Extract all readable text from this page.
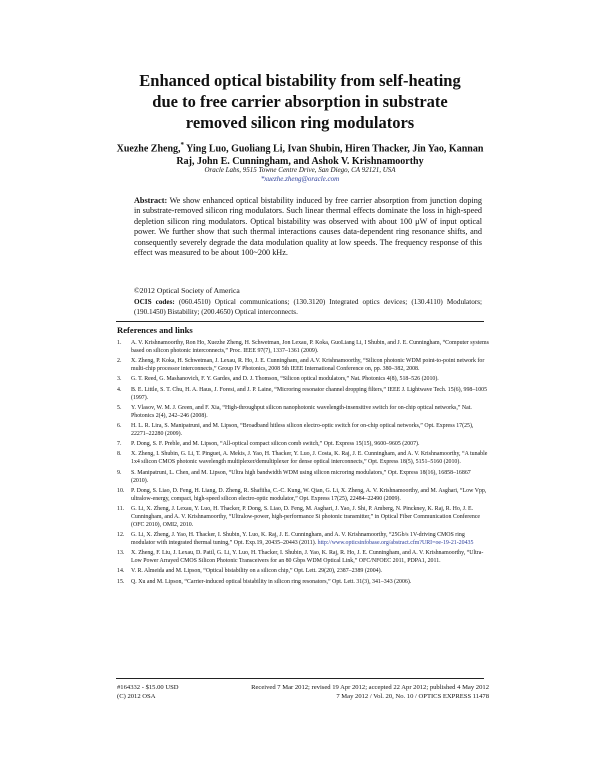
Enhanced optical bistability from self-heating
due to free carrier absorption in substrate
removed silicon ring modulators
Xuezhe Zheng,* Ying Luo, Guoliang Li, Ivan Shubin, Hiren Thacker, Jin Yao, Kannan
Raj, John E. Cunningham, and Ashok V. Krishnamoorthy
Oracle Labs, 9515 Towne Centre Drive, San Diego, CA 92121, USA
*xuezhe.zheng@oracle.com
Abstract: We show enhanced optical bistability induced by free carrier absorption from junction doping in substrate-removed silicon ring modulators. Such linear thermal effects dominate the loss in high-speed depletion silicon ring modulators. Optical bistability was observed with about 100 μW of input optical power. We further show that such thermal interactions causes data-dependent ring resonance shifts, and consequently severely degrade the data modulation quality at low speeds. The frequency response of this effect was measured to be about 100~200 kHz.
©2012 Optical Society of America
OCIS codes: (060.4510) Optical communications; (130.3120) Integrated optics devices; (130.4110) Modulators; (190.1450) Bistability; (200.4650) Optical interconnects.
References and links
1. A. V. Krishnamoorthy, Ron Ho, Xuezhe Zheng, H. Schwetman, Jon Lexau, P. Koka, GuoLiang Li, I Shubin, and J. E. Cunningham, “Computer systems based on silicon photonic interconnects,” Proc. IEEE 97(7), 1337–1361 (2009).
2. X. Zheng, P. Koka, H. Schwetman, J. Lexau, R. Ho, J. E. Cunningham, and A.V. Krishnamoorthy, “Silicon photonic WDM point-to-point network for multi-chip processor interconnects,” Group IV Photonics, 2008 5th IEEE International Conference on, pp. 380–382, 2008.
3. G. T. Reed, G. Mashanovich, F. Y. Gardes, and D. J. Thomson, “Silicon optical modulators,” Nat. Photonics 4(8), 518–526 (2010).
4. B. E. Little, S. T. Chu, H. A. Haus, J. Foresi, and J. P. Laine, “Microring resonator channel dropping filters,” IEEE J. Lightwave Tech. 15(6), 998–1005 (1997).
5. Y. Vlasov, W. M. J. Green, and F. Xia, “High-throughput silicon nanophotonic wavelength-insensitive switch for on-chip optical networks,” Nat. Photonics 2(4), 242–246 (2008).
6. H. L. R. Lira, S. Manipatruni, and M. Lipson, “Broadband hitless silicon electro-optic switch for on-chip optical networks,” Opt. Express 17(25), 22271–22280 (2009).
7. P. Dong, S. F. Preble, and M. Lipson, “All-optical compact silicon comb switch,” Opt. Express 15(15), 9600–9605 (2007).
8. X. Zheng, I. Shubin, G. Li, T. Pinguet, A. Mekis, J. Yao, H. Thacker, Y. Luo, J. Costa, K. Raj, J. E. Cunningham, and A. V. Krishnamoorthy, “A tunable 1x4 silicon CMOS photonic wavelength multiplexer/demultiplexer for dense optical interconnects,” Opt. Express 18(5), 5151–5160 (2010).
9. S. Manipatruni, L. Chen, and M. Lipson, “Ultra high bandwidth WDM using silicon microring modulators,” Opt. Express 18(16), 16858–16867 (2010).
10. P. Dong, S. Liao, D. Feng, H. Liang, D. Zheng, R. Shafiiha, C.-C. Kung, W. Qian, G. Li, X. Zheng, A. V. Krishnamoorthy, and M. Asghari, “Low Vpp, ultralow-energy, compact, high-speed silicon electro-optic modulator,” Opt. Express 17(25), 22484–22490 (2009).
11. G. Li, X. Zheng, J. Lexau, Y. Luo, H. Thacker, P. Dong, S. Liao, D. Feng, M. Asghari, J. Yao, J. Shi, P. Amberg, N. Pinckney, K. Raj, R. Ho, J. E. Cunningham, and A. V. Krishnamoorthy, “Ultralow-power, high-performance Si photonic transmitter,” in Optical Fiber Communication Conference (OFC 2010), OMI2, 2010.
12. G. Li, X. Zheng, J. Yao, H. Thacker, I. Shubin, Y. Luo, K. Raj, J. E. Cunningham, and A. V. Krishnamoorthy, “25Gb/s 1V-driving CMOS ring modulator with integrated thermal tuning,” Opt. Exp.19, 20435–20443 (2011). http://www.opticsinfobase.org/abstract.cfm?URI=oe-19-21-20435
13. X. Zheng, F. Liu, J. Lexau, D. Patil, G. Li, Y. Luo, H. Thacker, I. Shubin, J. Yao, K. Raj, R. Ho, J. E. Cunningham, and A. V. Krishnamoorthy, “Ultra-Low Power Arrayed CMOS Silicon Photonic Transceivers for an 80 Gbps WDM Optical Link,” OFC/NFOEC 2011, PDPA1, 2011.
14. V. R. Almeida and M. Lipson, “Optical bistability on a silicon chip,” Opt. Lett. 29(20), 2387–2389 (2004).
15. Q. Xu and M. Lipson, “Carrier-induced optical bistability in silicon ring resonators,” Opt. Lett. 31(3), 341–343 (2006).
#164332 - $15.00 USD	Received 7 Mar 2012; revised 19 Apr 2012; accepted 22 Apr 2012; published 4 May 2012
(C) 2012 OSA	7 May 2012 / Vol. 20, No. 10 / OPTICS EXPRESS 11478
